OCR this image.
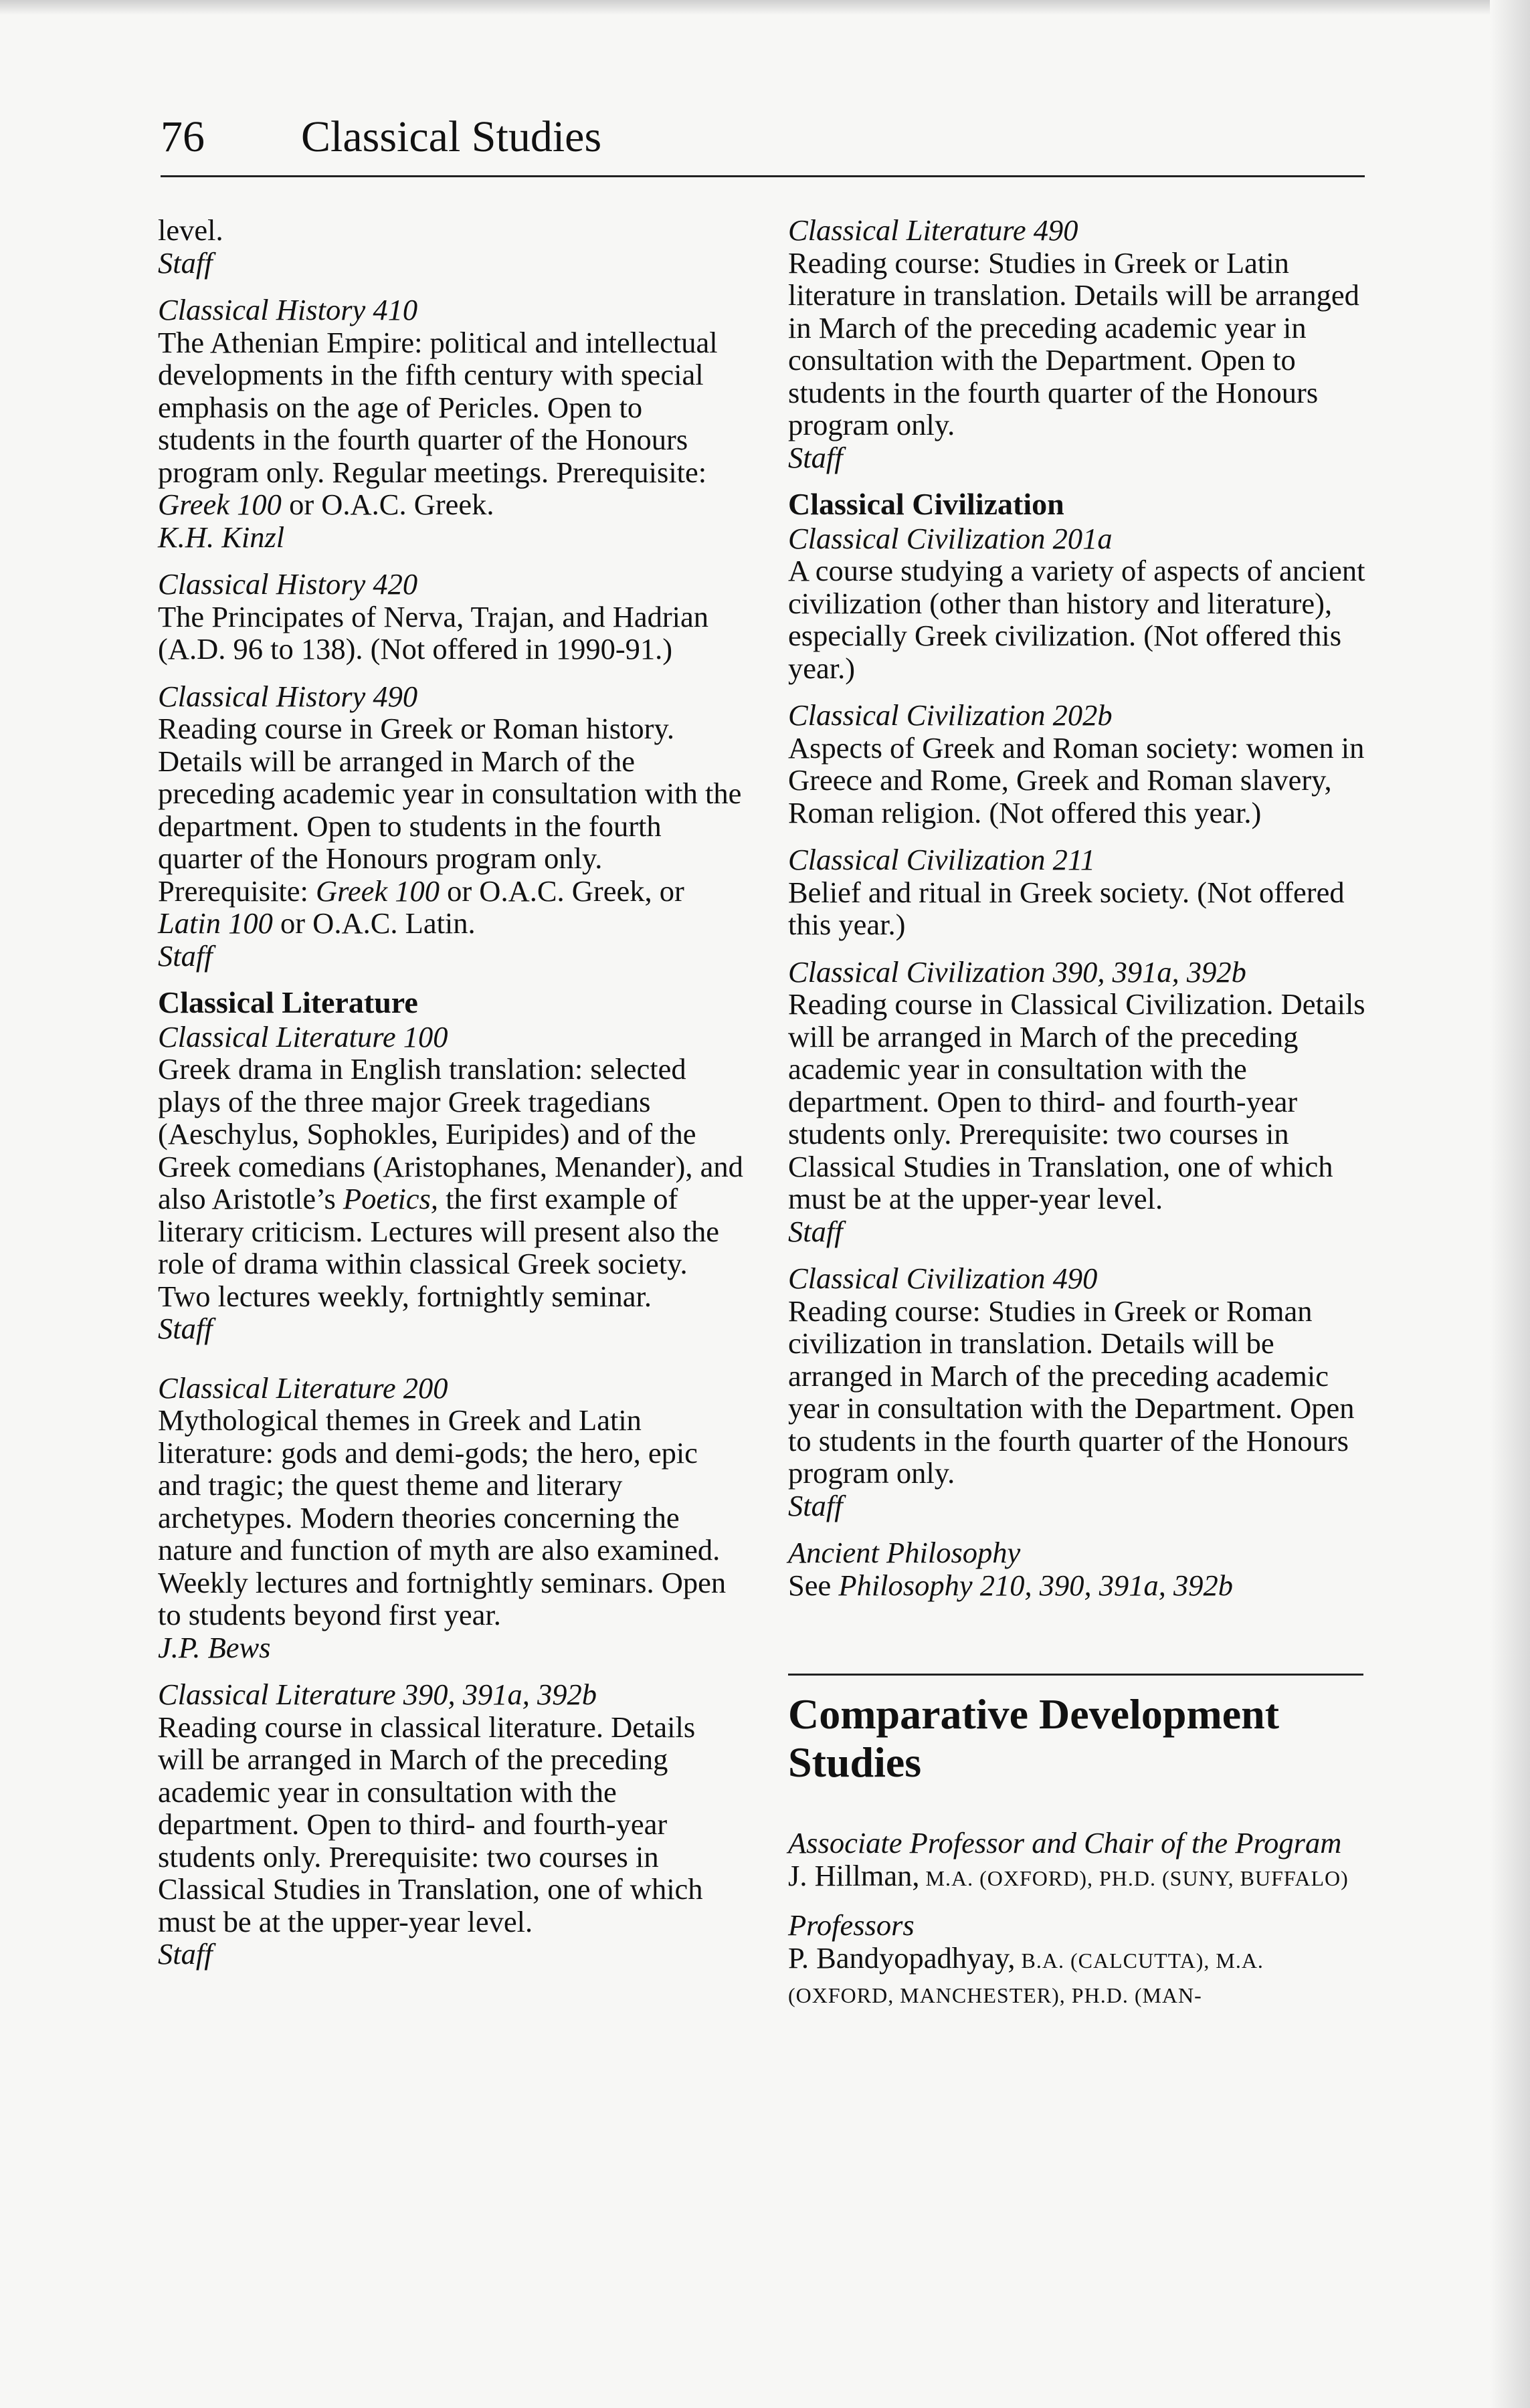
76 Classical Studies
level.
Staff
Classical History 410
The Athenian Empire: political and intellectual developments in the fifth century with special emphasis on the age of Pericles. Open to students in the fourth quarter of the Honours program only. Regular meetings. Prerequisite: Greek 100 or O.A.C. Greek.
K.H. Kinzl
Classical History 420
The Principates of Nerva, Trajan, and Hadrian (A.D. 96 to 138). (Not offered in 1990-91.)
Classical History 490
Reading course in Greek or Roman history. Details will be arranged in March of the preceding academic year in consultation with the department. Open to students in the fourth quarter of the Honours program only. Prerequisite: Greek 100 or O.A.C. Greek, or Latin 100 or O.A.C. Latin.
Staff
Classical Literature
Classical Literature 100
Greek drama in English translation: selected plays of the three major Greek tragedians (Aeschylus, Sophokles, Euripides) and of the Greek comedians (Aristophanes, Menander), and also Aristotle’s Poetics, the first example of literary criticism. Lectures will present also the role of drama within classical Greek society. Two lectures weekly, fortnightly seminar.
Staff
Classical Literature 200
Mythological themes in Greek and Latin literature: gods and demi-gods; the hero, epic and tragic; the quest theme and literary archetypes. Modern theories concerning the nature and function of myth are also examined. Weekly lectures and fortnightly seminars. Open to students beyond first year.
J.P. Bews
Classical Literature 390, 391a, 392b
Reading course in classical literature. Details will be arranged in March of the preceding academic year in consultation with the department. Open to third- and fourth-year students only. Prerequisite: two courses in Classical Studies in Translation, one of which must be at the upper-year level.
Staff
Classical Literature 490
Reading course: Studies in Greek or Latin literature in translation. Details will be arranged in March of the preceding academic year in consultation with the Department. Open to students in the fourth quarter of the Honours program only.
Staff
Classical Civilization
Classical Civilization 201a
A course studying a variety of aspects of ancient civilization (other than history and literature), especially Greek civilization. (Not offered this year.)
Classical Civilization 202b
Aspects of Greek and Roman society: women in Greece and Rome, Greek and Roman slavery, Roman religion. (Not offered this year.)
Classical Civilization 211
Belief and ritual in Greek society. (Not offered this year.)
Classical Civilization 390, 391a, 392b
Reading course in Classical Civilization. Details will be arranged in March of the preceding academic year in consultation with the department. Open to third- and fourth-year students only. Prerequisite: two courses in Classical Studies in Translation, one of which must be at the upper-year level.
Staff
Classical Civilization 490
Reading course: Studies in Greek or Roman civilization in translation. Details will be arranged in March of the preceding academic year in consultation with the Department. Open to students in the fourth quarter of the Honours program only.
Staff
Ancient Philosophy
See Philosophy 210, 390, 391a, 392b
Comparative Development Studies
Associate Professor and Chair of the Program
J. Hillman, M.A. (OXFORD), PH.D. (SUNY, BUFFALO)
Professors
P. Bandyopadhyay, B.A. (CALCUTTA), M.A. (OXFORD, MANCHESTER), PH.D. (MAN-
